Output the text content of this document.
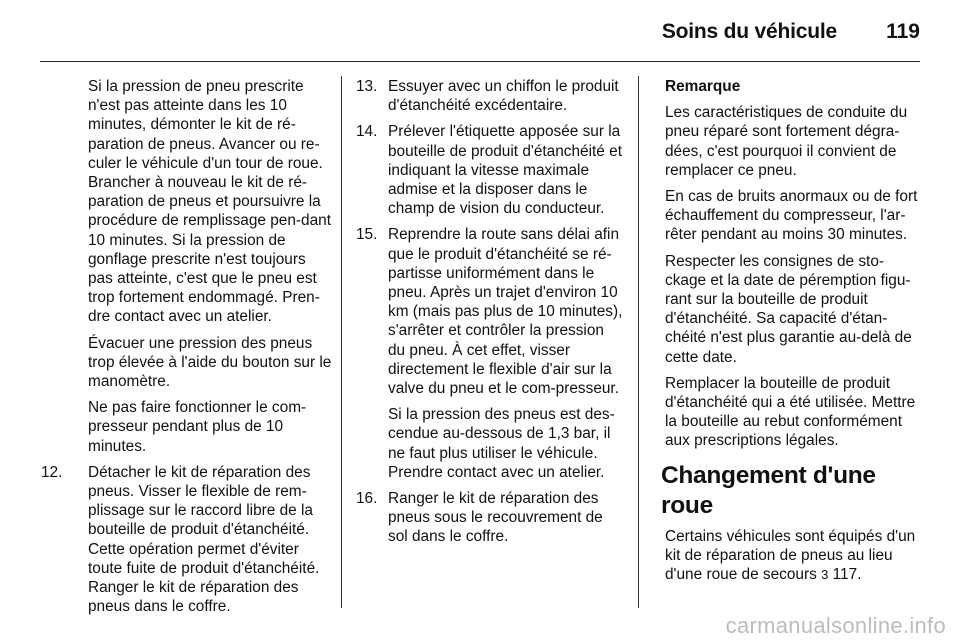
Soins du véhicule 119

Si la pression de pneu prescrite n'est pas atteinte dans les 10 minutes, démonter le kit de ré-paration de pneus. Avancer ou re-culer le véhicule d'un tour de roue. Brancher à nouveau le kit de ré-paration de pneus et poursuivre la procédure de remplissage pen-dant 10 minutes. Si la pression de gonflage prescrite n'est toujours pas atteinte, c'est que le pneu est trop fortement endommagé. Pren-dre contact avec un atelier.

Évacuer une pression des pneus trop élevée à l'aide du bouton sur le manomètre.

Ne pas faire fonctionner le com-presseur pendant plus de 10 minutes.

12. Détacher le kit de réparation des pneus. Visser le flexible de rem-plissage sur le raccord libre de la bouteille de produit d'étanchéité. Cette opération permet d'éviter toute fuite de produit d'étanchéité. Ranger le kit de réparation des pneus dans le coffre.

13. Essuyer avec un chiffon le produit d'étanchéité excédentaire.

14. Prélever l'étiquette apposée sur la bouteille de produit d'étanchéité et indiquant la vitesse maximale admise et la disposer dans le champ de vision du conducteur.

15. Reprendre la route sans délai afin que le produit d'étanchéité se ré-partisse uniformément dans le pneu. Après un trajet d'environ 10 km (mais pas plus de 10 minutes), s'arrêter et contrôler la pression du pneu. À cet effet, visser directement le flexible d'air sur la valve du pneu et le com-presseur.

Si la pression des pneus est des-cendue au-dessous de 1,3 bar, il ne faut plus utiliser le véhicule. Prendre contact avec un atelier.

16. Ranger le kit de réparation des pneus sous le recouvrement de sol dans le coffre.

Remarque

Les caractéristiques de conduite du pneu réparé sont fortement dégra-dées, c'est pourquoi il convient de remplacer ce pneu.

En cas de bruits anormaux ou de fort échauffement du compresseur, l'ar-rêter pendant au moins 30 minutes.

Respecter les consignes de sto-ckage et la date de péremption figu-rant sur la bouteille de produit d'étanchéité. Sa capacité d'étan-chéité n'est plus garantie au-delà de cette date.

Remplacer la bouteille de produit d'étanchéité qui a été utilisée. Mettre la bouteille au rebut conformément aux prescriptions légales.

Changement d'une roue

Certains véhicules sont équipés d'un kit de réparation de pneus au lieu d'une roue de secours 3 117.

carmanualsonline.info
